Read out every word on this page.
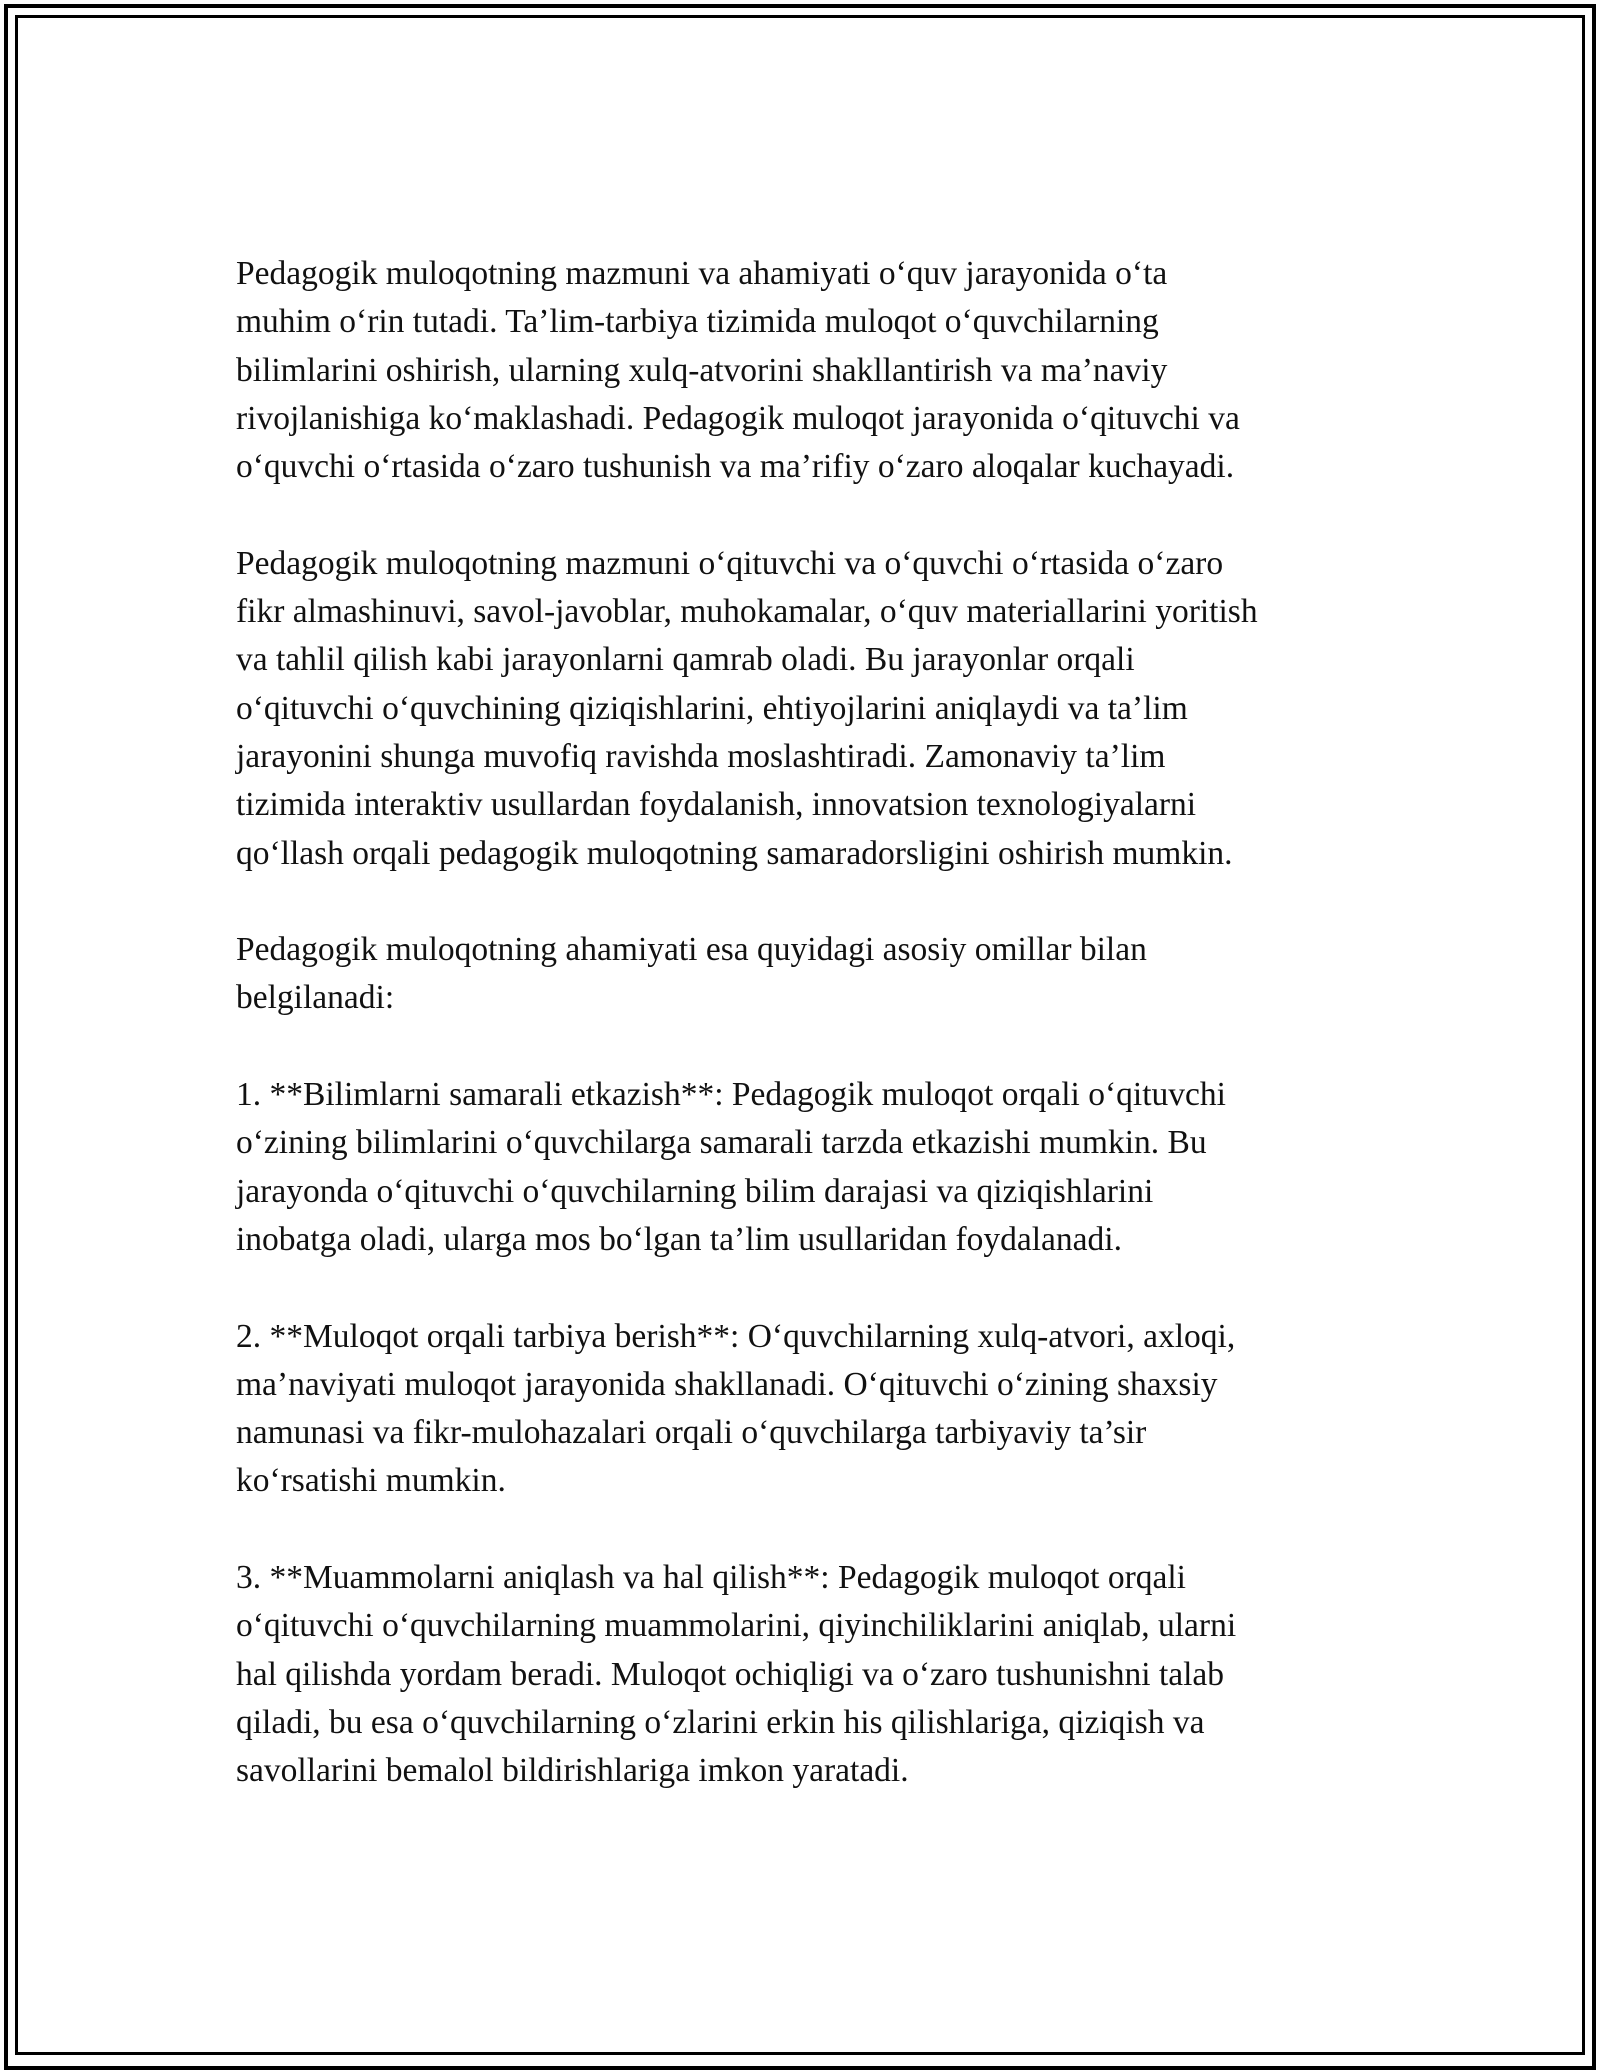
Pedagogik muloqotning mazmuni va ahamiyati o‘quv jarayonida o‘ta
muhim o‘rin tutadi. Ta’lim-tarbiya tizimida muloqot o‘quvchilarning
bilimlarini oshirish, ularning xulq-atvorini shakllantirish va ma’naviy
rivojlanishiga ko‘maklashadi. Pedagogik muloqot jarayonida o‘qituvchi va
o‘quvchi o‘rtasida o‘zaro tushunish va ma’rifiy o‘zaro aloqalar kuchayadi.

Pedagogik muloqotning mazmuni o‘qituvchi va o‘quvchi o‘rtasida o‘zaro
fikr almashinuvi, savol-javoblar, muhokamalar, o‘quv materiallarini yoritish
va tahlil qilish kabi jarayonlarni qamrab oladi. Bu jarayonlar orqali
o‘qituvchi o‘quvchining qiziqishlarini, ehtiyojlarini aniqlaydi va ta’lim
jarayonini shunga muvofiq ravishda moslashtiradi. Zamonaviy ta’lim
tizimida interaktiv usullardan foydalanish, innovatsion texnologiyalarni
qo‘llash orqali pedagogik muloqotning samaradorsligini oshirish mumkin.

Pedagogik muloqotning ahamiyati esa quyidagi asosiy omillar bilan
belgilanadi:

1. **Bilimlarni samarali etkazish**: Pedagogik muloqot orqali o‘qituvchi
o‘zining bilimlarini o‘quvchilarga samarali tarzda etkazishi mumkin. Bu
jarayonda o‘qituvchi o‘quvchilarning bilim darajasi va qiziqishlarini
inobatga oladi, ularga mos bo‘lgan ta’lim usullaridan foydalanadi.

2. **Muloqot orqali tarbiya berish**: O‘quvchilarning xulq-atvori, axloqi,
ma’naviyati muloqot jarayonida shakllanadi. O‘qituvchi o‘zining shaxsiy
namunasi va fikr-mulohazalari orqali o‘quvchilarga tarbiyaviy ta’sir
ko‘rsatishi mumkin.

3. **Muammolarni aniqlash va hal qilish**: Pedagogik muloqot orqali
o‘qituvchi o‘quvchilarning muammolarini, qiyinchiliklarini aniqlab, ularni
hal qilishda yordam beradi. Muloqot ochiqligi va o‘zaro tushunishni talab
qiladi, bu esa o‘quvchilarning o‘zlarini erkin his qilishlariga, qiziqish va
savollarini bemalol bildirishlariga imkon yaratadi.
